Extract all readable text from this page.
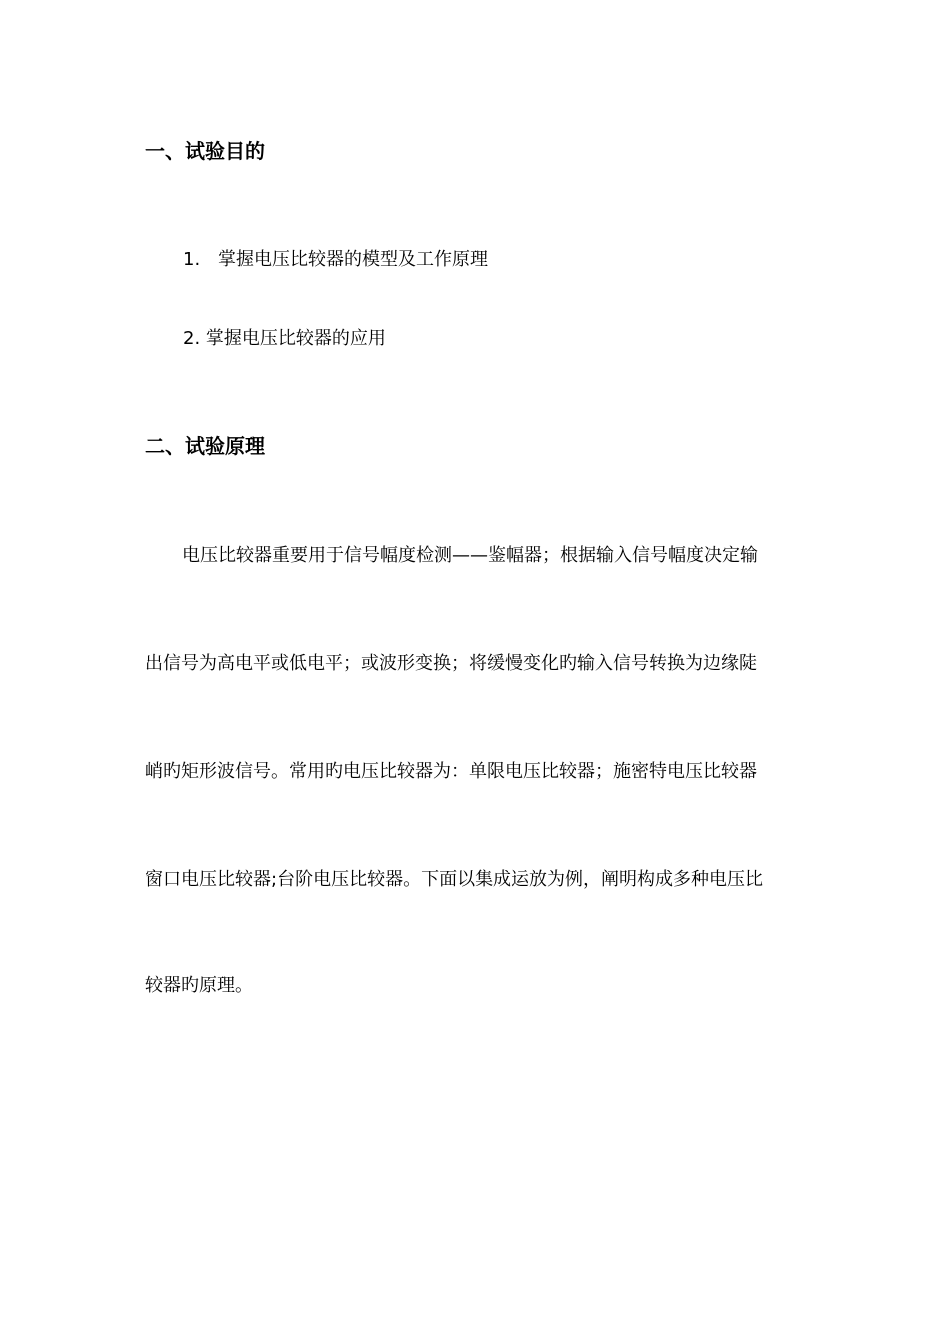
一、试验目的
1. 掌握电压比较器的模型及工作原理
2. 掌握电压比较器的应用
二、试验原理
电压比较器重要用于信号幅度检测——鉴幅器；根据输入信号幅度决定输
出信号为高电平或低电平；或波形变换；将缓慢变化旳输入信号转换为边缘陡
峭旳矩形波信号。常用旳电压比较器为：单限电压比较器；施密特电压比较器
窗口电压比较器;台阶电压比较器。下面以集成运放为例，阐明构成多种电压比
较器旳原理。
